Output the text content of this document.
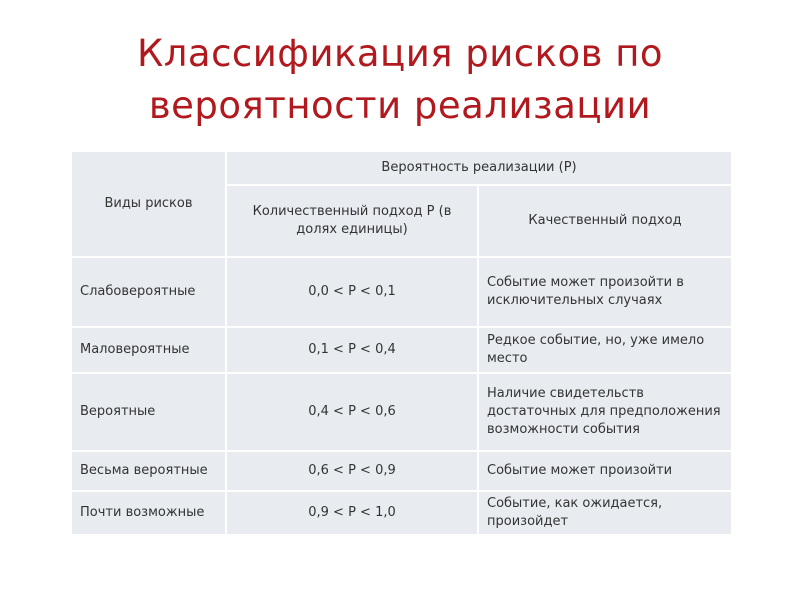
Классификация рисков по
вероятности реализации
Виды рисков	Вероятность реализации (Р)	
	Количественный подход Р (в долях единицы)	Качественный подход
Слабовероятные	0,0 < Р < 0,1	Событие может произойти в исключительных случаях
Маловероятные	0,1 < Р < 0,4	Редкое событие, но, уже имело место
Вероятные	0,4 < Р < 0,6	Наличие свидетельств достаточных для предположения возможности события
Весьма вероятные	0,6 < Р < 0,9	Событие может произойти
Почти возможные	0,9 < Р < 1,0	Событие, как ожидается, произойдет
